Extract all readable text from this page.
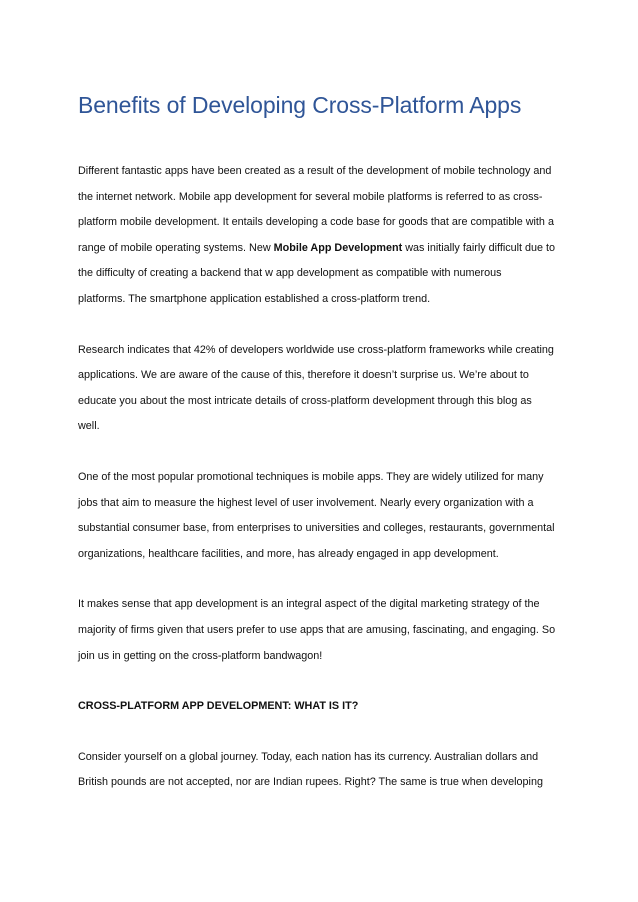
Benefits of Developing Cross-Platform Apps

Different fantastic apps have been created as a result of the development of mobile technology and
the internet network. Mobile app development for several mobile platforms is referred to as cross-
platform mobile development. It entails developing a code base for goods that are compatible with a
range of mobile operating systems. New Mobile App Development was initially fairly difficult due to
the difficulty of creating a backend that w app development as compatible with numerous
platforms. The smartphone application established a cross-platform trend.

Research indicates that 42% of developers worldwide use cross-platform frameworks while creating
applications. We are aware of the cause of this, therefore it doesn’t surprise us. We’re about to
educate you about the most intricate details of cross-platform development through this blog as
well.

One of the most popular promotional techniques is mobile apps. They are widely utilized for many
jobs that aim to measure the highest level of user involvement. Nearly every organization with a
substantial consumer base, from enterprises to universities and colleges, restaurants, governmental
organizations, healthcare facilities, and more, has already engaged in app development.

It makes sense that app development is an integral aspect of the digital marketing strategy of the
majority of firms given that users prefer to use apps that are amusing, fascinating, and engaging. So
join us in getting on the cross-platform bandwagon!

CROSS-PLATFORM APP DEVELOPMENT: WHAT IS IT?

Consider yourself on a global journey. Today, each nation has its currency. Australian dollars and
British pounds are not accepted, nor are Indian rupees. Right? The same is true when developing
